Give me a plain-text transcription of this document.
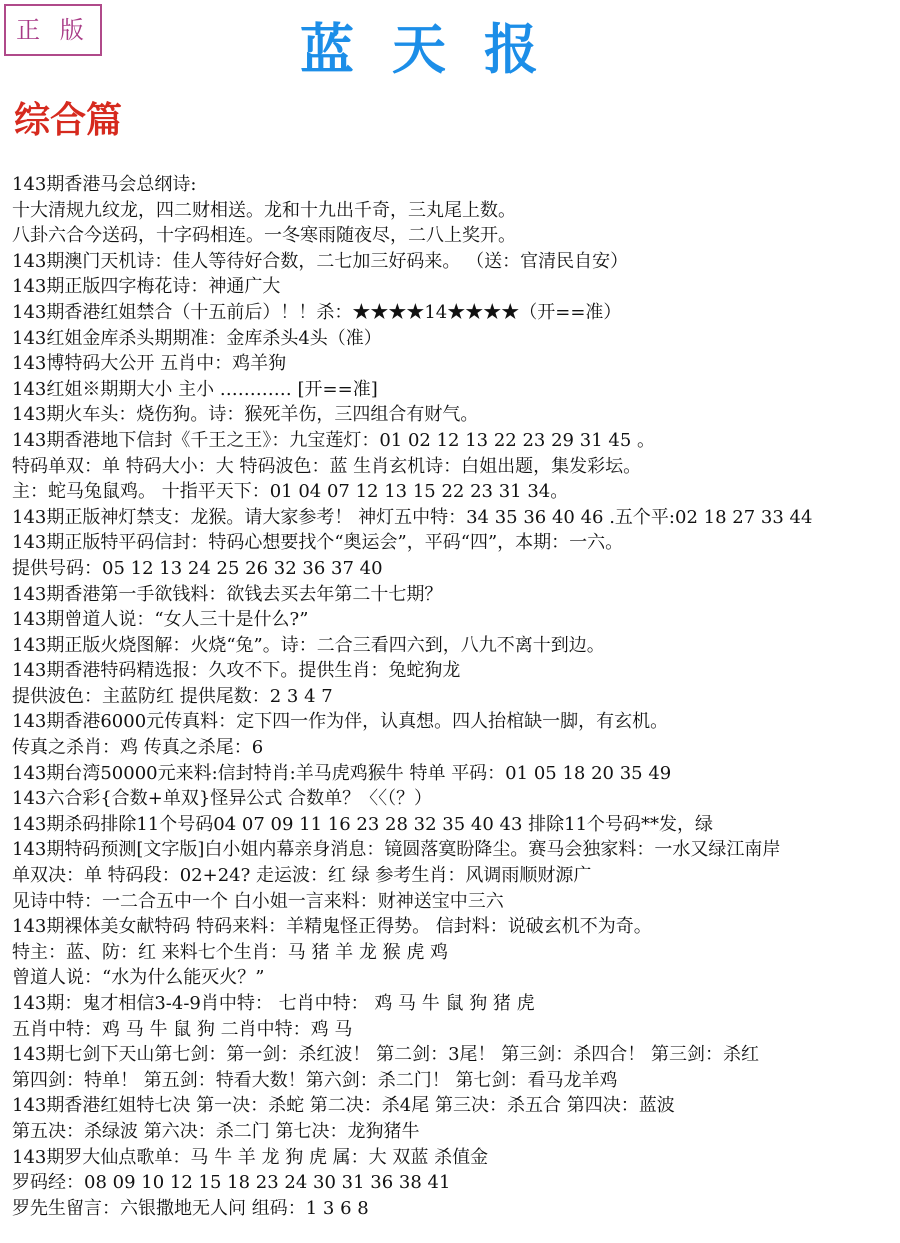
正 版	蓝天报
综合篇
143期香港马会总纲诗:
十大清规九纹龙，四二财相送。龙和十九出千奇，三丸尾上数。
八卦六合今送码，十字码相连。一冬寒雨随夜尽，二八上奖开。
143期澳门天机诗：佳人等待好合数，二七加三好码来。 （送：官清民自安）
143期正版四字梅花诗：神通广大
143期香港红姐禁合（十五前后）！！杀：★★★★14★★★★（开==准）
143红姐金库杀头期期准：金库杀头4头（准）
143博特码大公开 五肖中：鸡羊狗
143红姐※期期大小 主小 ………… [开==准]
143期火车头：烧伤狗。诗：猴死羊伤，三四组合有财气。
143期香港地下信封《千王之王》：九宝莲灯：01 02 12 13 22 23 29 31 45 。
特码单双：单 特码大小：大 特码波色：蓝 生肖玄机诗：白姐出题，集发彩坛。
主：蛇马兔鼠鸡。 十指平天下：01 04 07 12 13 15 22 23 31 34。
143期正版神灯禁支：龙猴。请大家参考！ 神灯五中特：34 35 36 40 46 .五个平:02 18 27 33 44
143期正版特平码信封：特码心想要找个“奥运会”，平码“四”，本期：一六。
提供号码：05 12 13 24 25 26 32 36 37 40
143期香港第一手欲钱料：欲钱去买去年第二十七期？
143期曾道人说：“女人三十是什么?”
143期正版火烧图解：火烧“兔”。诗：二合三看四六到，八九不离十到边。
143期香港特码精选报：久攻不下。提供生肖：兔蛇狗龙
提供波色：主蓝防红 提供尾数：2 3 4 7
143期香港6000元传真料：定下四一作为伴，认真想。四人抬棺缺一脚，有玄机。
传真之杀肖：鸡 传真之杀尾：6
143期台湾50000元来料:信封特肖:羊马虎鸡猴牛 特单 平码：01 05 18 20 35 49
143六合彩{合数+单双}怪异公式 合数单？〈〈（？）
143期杀码排除11个号码04 07 09 11 16 23 28 32 35 40 43 排除11个号码**发，绿
143期特码预测[文字版]白小姐内幕亲身消息：镜圆落寞盼降尘。赛马会独家料：一水又绿江南岸
单双决：单 特码段：02+24? 走运波：红 绿 参考生肖：风调雨顺财源广
见诗中特：一二合五中一个 白小姐一言来料：财神送宝中三六
143期裸体美女献特码 特码来料：羊精鬼怪正得势。 信封料：说破玄机不为奇。
特主：蓝、防：红 来料七个生肖：马 猪 羊 龙 猴 虎 鸡
曾道人说：“水为什么能灭火？”
143期：鬼才相信3-4-9肖中特： 七肖中特： 鸡 马 牛 鼠 狗 猪 虎
五肖中特：鸡 马 牛 鼠 狗 二肖中特：鸡 马
143期七剑下天山第七剑：第一剑：杀红波！ 第二剑：3尾！ 第三剑：杀四合！ 第三剑：杀红
第四剑：特单！ 第五剑：特看大数！第六剑：杀二门！ 第七剑：看马龙羊鸡
143期香港红姐特七决 第一决：杀蛇 第二决：杀4尾 第三决：杀五合 第四决：蓝波
第五决：杀绿波 第六决：杀二门 第七决：龙狗猪牛
143期罗大仙点歌单：马 牛 羊 龙 狗 虎 属：大 双蓝 杀值金
罗码经：08 09 10 12 15 18 23 24 30 31 36 38 41
罗先生留言：六银撒地无人问 组码：1 3 6 8
